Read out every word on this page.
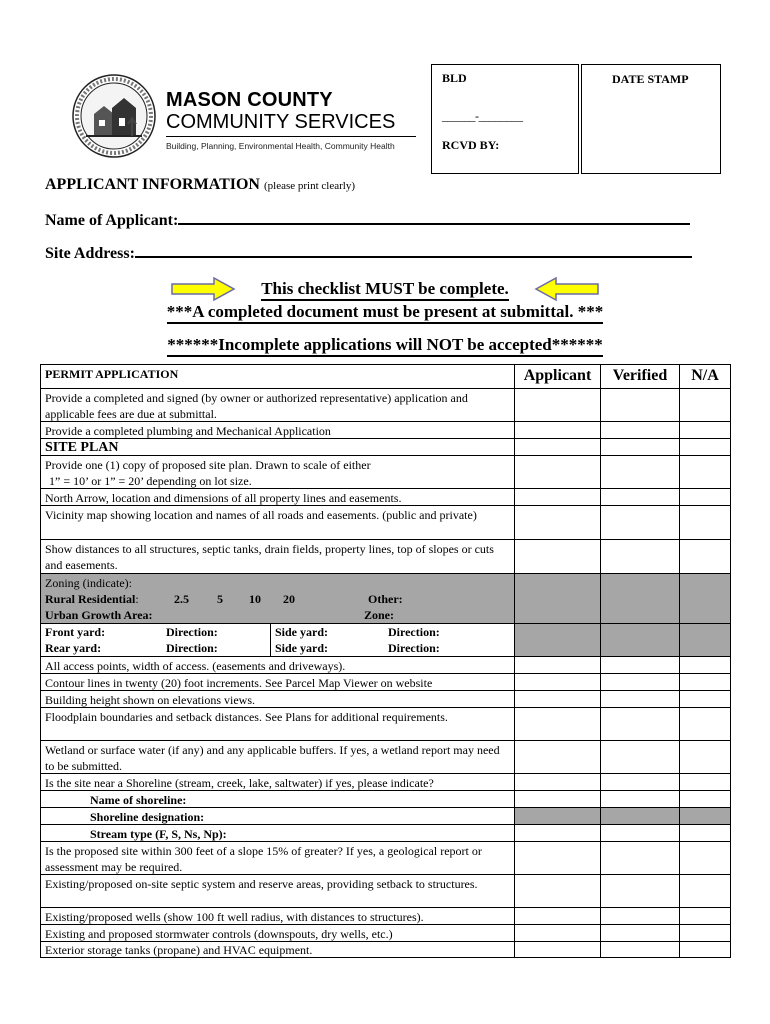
MASON COUNTY
COMMUNITY SERVICES
Building, Planning, Environmental Health, Community Health
BLD
______-________
RCVD BY:
DATE STAMP
APPLICANT INFORMATION (please print clearly)
Name of Applicant:
Site Address:
This checklist MUST be complete.
***A completed document must be present at submittal. ***
******Incomplete applications will NOT be accepted******
PERMIT APPLICATION	Applicant	Verified	N/A
Provide a completed and signed (by owner or authorized representative) application and applicable fees are due at submittal.
Provide a completed plumbing and Mechanical Application
SITE PLAN
Provide one (1) copy of proposed site plan. Drawn to scale of either
1” = 10’ or 1” = 20’ depending on lot size.
North Arrow, location and dimensions of all property lines and easements.
Vicinity map showing location and names of all roads and easements. (public and private)
Show distances to all structures, septic tanks, drain fields, property lines, top of slopes or cuts and easements.
Zoning (indicate):
Rural Residential:	2.5 5 10 20	Other:
Urban Growth Area:	Zone:
Front yard:	Direction:	Side yard:	Direction:
Rear yard:	Direction:	Side yard:	Direction:
All access points, width of access. (easements and driveways).
Contour lines in twenty (20) foot increments. See Parcel Map Viewer on website
Building height shown on elevations views.
Floodplain boundaries and setback distances. See Plans for additional requirements.
Wetland or surface water (if any) and any applicable buffers. If yes, a wetland report may need to be submitted.
Is the site near a Shoreline (stream, creek, lake, saltwater) if yes, please indicate?
Name of shoreline:
Shoreline designation:
Stream type (F, S, Ns, Np):
Is the proposed site within 300 feet of a slope 15% of greater? If yes, a geological report or assessment may be required.
Existing/proposed on-site septic system and reserve areas, providing setback to structures.
Existing/proposed wells (show 100 ft well radius, with distances to structures).
Existing and proposed stormwater controls (downspouts, dry wells, etc.)
Exterior storage tanks (propane) and HVAC equipment.
